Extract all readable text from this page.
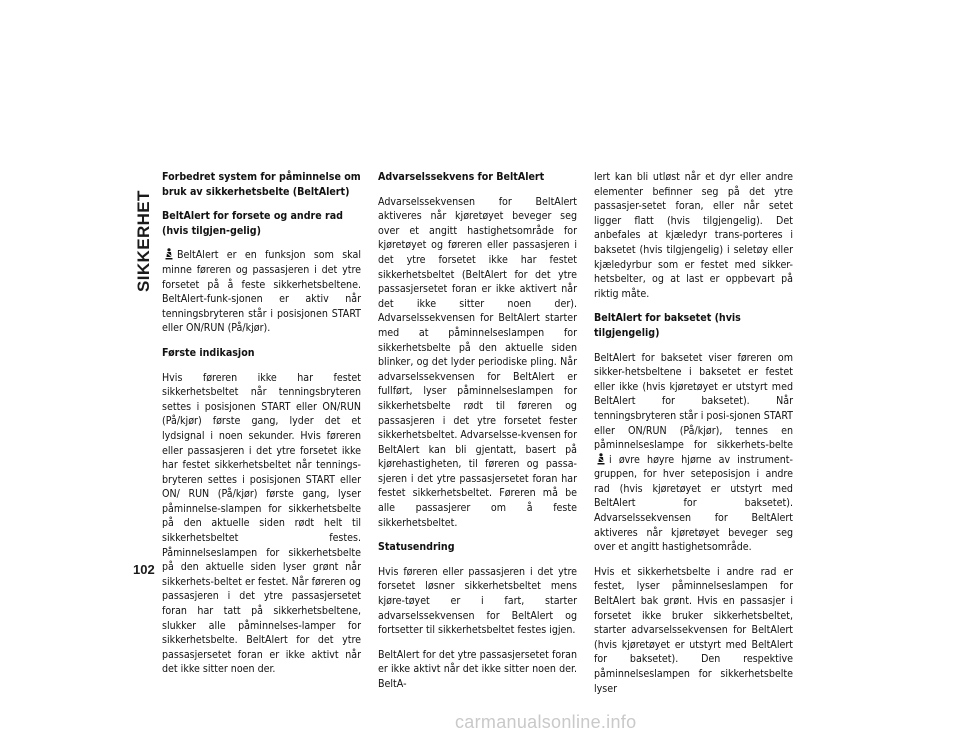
SIKKERHET
102
Forbedret system for påminnelse om bruk av sikkerhetsbelte (BeltAlert)
BeltAlert for forsete og andre rad (hvis tilgjen-gelig)

BeltAlert er en funksjon som skal minne føreren og passasjeren i det ytre forsetet på å feste sikkerhetsbeltene. BeltAlert-funk-sjonen er aktiv når tenningsbryteren står i posisjonen START eller ON/RUN (På/kjør).

Første indikasjon

Hvis føreren ikke har festet sikkerhetsbeltet når tenningsbryteren settes i posisjonen START eller ON/RUN (På/kjør) første gang, lyder det et lydsignal i noen sekunder. Hvis føreren eller passasjeren i det ytre forsetet ikke har festet sikkerhetsbeltet når tennings-bryteren settes i posisjonen START eller ON/ RUN (På/kjør) første gang, lyser påminnelse-slampen for sikkerhetsbelte på den aktuelle siden rødt helt til sikkerhetsbeltet festes. Påminnelseslampen for sikkerhetsbelte på den aktuelle siden lyser grønt når sikkerhets-beltet er festet. Når føreren og passasjeren i det ytre passasjersetet foran har tatt på sikkerhetsbeltene, slukker alle påminnelses-lamper for sikkerhetsbelte. BeltAlert for det ytre passasjersetet foran er ikke aktivt når det ikke sitter noen der.

Advarselssekvens for BeltAlert

Advarselssekvensen for BeltAlert aktiveres når kjøretøyet beveger seg over et angitt hastighetsområde for kjøretøyet og føreren eller passasjeren i det ytre forsetet ikke har festet sikkerhetsbeltet (BeltAlert for det ytre passasjersetet foran er ikke aktivert når det ikke sitter noen der). Advarselssekvensen for BeltAlert starter med at påminnelseslampen for sikkerhetsbelte på den aktuelle siden blinker, og det lyder periodiske pling. Når advarselssekvensen for BeltAlert er fullført, lyser påminnelseslampen for sikkerhetsbelte rødt til føreren og passasjeren i det ytre forsetet fester sikkerhetsbeltet. Advarselsse-kvensen for BeltAlert kan bli gjentatt, basert på kjørehastigheten, til føreren og passa-sjeren i det ytre passasjersetet foran har festet sikkerhetsbeltet. Føreren må be alle passasjerer om å feste sikkerhetsbeltet.

Statusendring

Hvis føreren eller passasjeren i det ytre forsetet løsner sikkerhetsbeltet mens kjøre-tøyet er i fart, starter advarselssekvensen for BeltAlert og fortsetter til sikkerhetsbeltet festes igjen.

BeltAlert for det ytre passasjersetet foran er ikke aktivt når det ikke sitter noen der. BeltA-

lert kan bli utløst når et dyr eller andre elementer befinner seg på det ytre passasjer-setet foran, eller når setet ligger flatt (hvis tilgjengelig). Det anbefales at kjæledyr trans-porteres i baksetet (hvis tilgjengelig) i seletøy eller kjæledyrbur som er festet med sikker-hetsbelter, og at last er oppbevart på riktig måte.

BeltAlert for baksetet (hvis tilgjengelig)

BeltAlert for baksetet viser føreren om sikker-hetsbeltene i baksetet er festet eller ikke (hvis kjøretøyet er utstyrt med BeltAlert for baksetet). Når tenningsbryteren står i posi-sjonen START eller ON/RUN (På/kjør), tennes en påminnelseslampe for sikkerhets-beltei øvre høyre hjørne av instrument-gruppen, for hver seteposisjon i andre rad (hvis kjøretøyet er utstyrt med BeltAlert for baksetet). Advarselssekvensen for BeltAlert aktiveres når kjøretøyet beveger seg over et angitt hastighetsområde.

Hvis et sikkerhetsbelte i andre rad er festet, lyser påminnelseslampen for BeltAlert bak grønt. Hvis en passasjer i forsetet ikke bruker sikkerhetsbeltet, starter advarselssekvensen for BeltAlert (hvis kjøretøyet er utstyrt med BeltAlert for baksetet). Den respektive påminnelseslampen for sikkerhetsbelte lyser

carmanualsonline.info
